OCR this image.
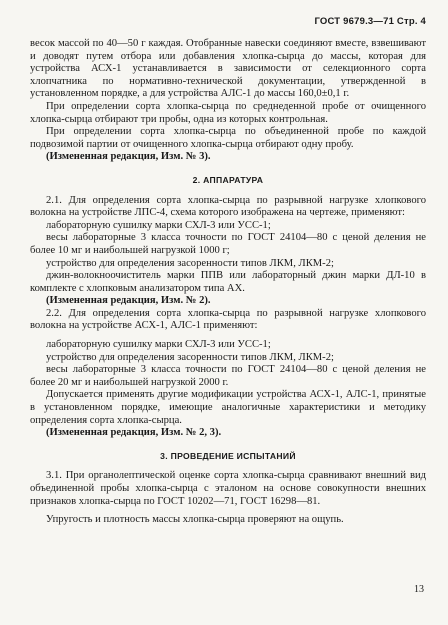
ГОСТ 9679.3—71 Стр. 4

весок массой по 40—50 г каждая. Отобранные навески соединяют вместе, взвешивают и доводят путем отбора или добавления хлопка-сырца до массы, которая для устройства АСХ-1 устанавливается в зависимости от селекционного сорта хлопчатника по нормативно-технической документации, утвержденной в установленном порядке, а для устройства АЛС-1 до массы 160,0±0,1 г.

При определении сорта хлопка-сырца по среднеденной пробе от очищенного хлопка-сырца отбирают три пробы, одна из которых контрольная.

При определении сорта хлопка-сырца по объединенной пробе по каждой подвозимой партии от очищенного хлопка-сырца отбирают одну пробу.

(Измененная редакция, Изм. № 3).

2. АППАРАТУРА

2.1. Для определения сорта хлопка-сырца по разрывной нагрузке хлопкового волокна на устройстве ЛПС-4, схема которого изображена на чертеже, применяют:

лабораторную сушилку марки СХЛ-3 или УСС-1;

весы лабораторные 3 класса точности по ГОСТ 24104—80 с ценой деления не более 10 мг и наибольшей нагрузкой 1000 г;

устройство для определения засоренности типов ЛКМ, ЛКМ-2;

джин-волокноочиститель марки ППВ или лабораторный джин марки ДЛ-10 в комплекте с хлопковым анализатором типа АХ.

(Измененная редакция, Изм. № 2).

2.2. Для определения сорта хлопка-сырца по разрывной нагрузке хлопкового волокна на устройстве АСХ-1, АЛС-1 применяют:

лабораторную сушилку марки СХЛ-3 или УСС-1;

устройство для определения засоренности типов ЛКМ, ЛКМ-2;

весы лабораторные 3 класса точности по ГОСТ 24104—80 с ценой деления не более 20 мг и наибольшей нагрузкой 2000 г.

Допускается применять другие модификации устройства АСХ-1, АЛС-1, принятые в установленном порядке, имеющие аналогичные характеристики и методику определения сорта хлопка-сырца.

(Измененная редакция, Изм. № 2, 3).

3. ПРОВЕДЕНИЕ ИСПЫТАНИЙ

3.1. При органолептической оценке сорта хлопка-сырца сравнивают внешний вид объединенной пробы хлопка-сырца с эталоном на основе совокупности внешних признаков хлопка-сырца по ГОСТ 10202—71, ГОСТ 16298—81.

Упругость и плотность массы хлопка-сырца проверяют на ощупь.

13
